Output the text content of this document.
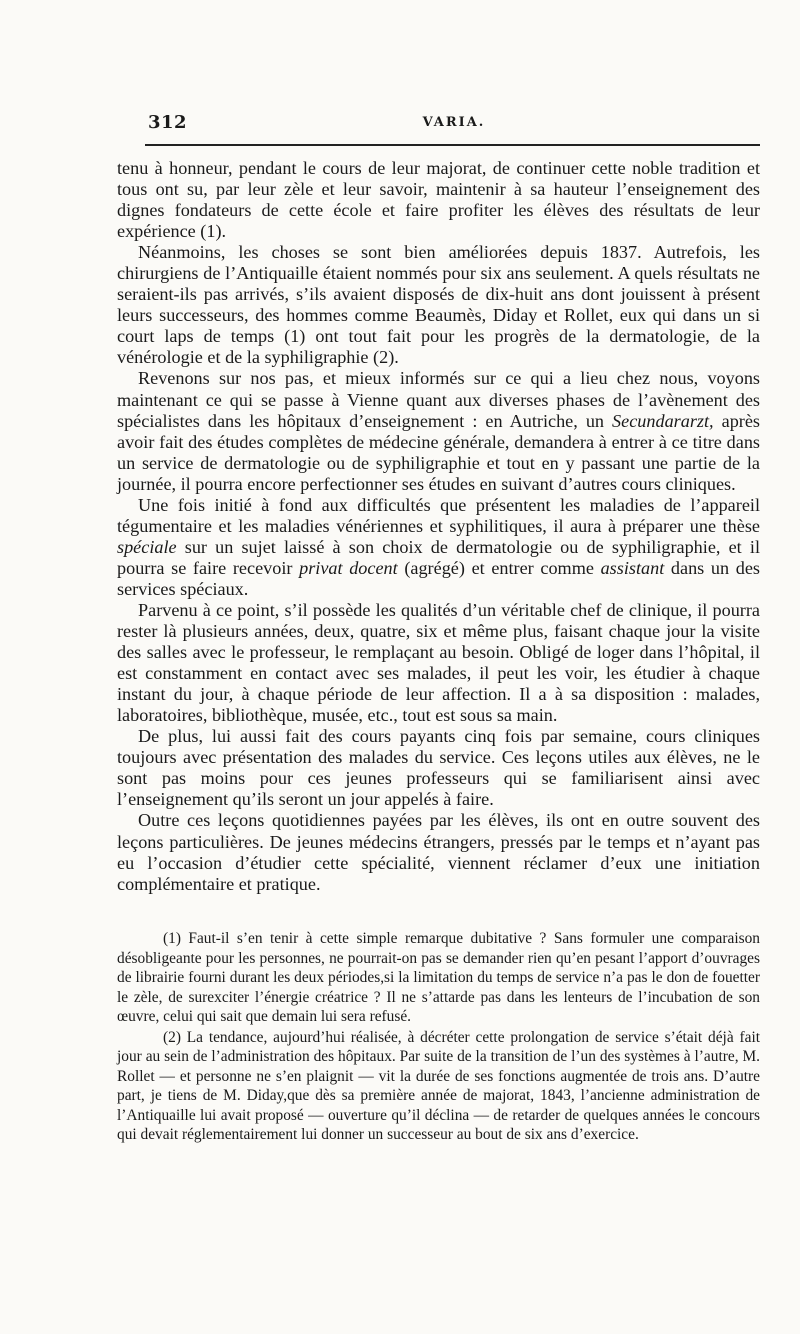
312	VARIA.

tenu à honneur, pendant le cours de leur majorat, de continuer cette noble tradition et tous ont su, par leur zèle et leur savoir, maintenir à sa hauteur l’enseignement des dignes fondateurs de cette école et faire profiter les élèves des résultats de leur expérience (1).

Néanmoins, les choses se sont bien améliorées depuis 1837. Autrefois, les chirurgiens de l’Antiquaille étaient nommés pour six ans seulement. A quels résultats ne seraient-ils pas arrivés, s’ils avaient disposés de dix-huit ans dont jouissent à présent leurs successeurs, des hommes comme Beaumès, Diday et Rollet, eux qui dans un si court laps de temps (1) ont tout fait pour les progrès de la dermatologie, de la vénérologie et de la syphiligraphie (2).

Revenons sur nos pas, et mieux informés sur ce qui a lieu chez nous, voyons maintenant ce qui se passe à Vienne quant aux diverses phases de l’avènement des spécialistes dans les hôpitaux d’enseignement : en Autriche, un Secundararzt, après avoir fait des études complètes de médecine générale, demandera à entrer à ce titre dans un service de dermatologie ou de syphiligraphie et tout en y passant une partie de la journée, il pourra encore perfectionner ses études en suivant d’autres cours cliniques.

Une fois initié à fond aux difficultés que présentent les maladies de l’appareil tégumentaire et les maladies vénériennes et syphilitiques, il aura à préparer une thèse spéciale sur un sujet laissé à son choix de dermatologie ou de syphiligraphie, et il pourra se faire recevoir privat docent (agrégé) et entrer comme assistant dans un des services spéciaux.

Parvenu à ce point, s’il possède les qualités d’un véritable chef de clinique, il pourra rester là plusieurs années, deux, quatre, six et même plus, faisant chaque jour la visite des salles avec le professeur, le remplaçant au besoin. Obligé de loger dans l’hôpital, il est constamment en contact avec ses malades, il peut les voir, les étudier à chaque instant du jour, à chaque période de leur affection. Il a à sa disposition : malades, laboratoires, bibliothèque, musée, etc., tout est sous sa main.

De plus, lui aussi fait des cours payants cinq fois par semaine, cours cliniques toujours avec présentation des malades du service. Ces leçons utiles aux élèves, ne le sont pas moins pour ces jeunes professeurs qui se familiarisent ainsi avec l’enseignement qu’ils seront un jour appelés à faire.

Outre ces leçons quotidiennes payées par les élèves, ils ont en outre souvent des leçons particulières. De jeunes médecins étrangers, pressés par le temps et n’ayant pas eu l’occasion d’étudier cette spécialité, viennent réclamer d’eux une initiation complémentaire et pratique.

(1) Faut-il s’en tenir à cette simple remarque dubitative ? Sans formuler une comparaison désobligeante pour les personnes, ne pourrait-on pas se demander rien qu’en pesant l’apport d’ouvrages de librairie fourni durant les deux périodes,si la limitation du temps de service n’a pas le don de fouetter le zèle, de surexciter l’énergie créatrice ? Il ne s’attarde pas dans les lenteurs de l’incubation de son œuvre, celui qui sait que demain lui sera refusé.

(2) La tendance, aujourd’hui réalisée, à décréter cette prolongation de service s’était déjà fait jour au sein de l’administration des hôpitaux. Par suite de la transition de l’un des systèmes à l’autre, M. Rollet — et personne ne s’en plaignit — vit la durée de ses fonctions augmentée de trois ans. D’autre part, je tiens de M. Diday,que dès sa première année de majorat, 1843, l’ancienne administration de l’Antiquaille lui avait proposé — ouverture qu’il déclina — de retarder de quelques années le concours qui devait réglementairement lui donner un successeur au bout de six ans d’exercice.
